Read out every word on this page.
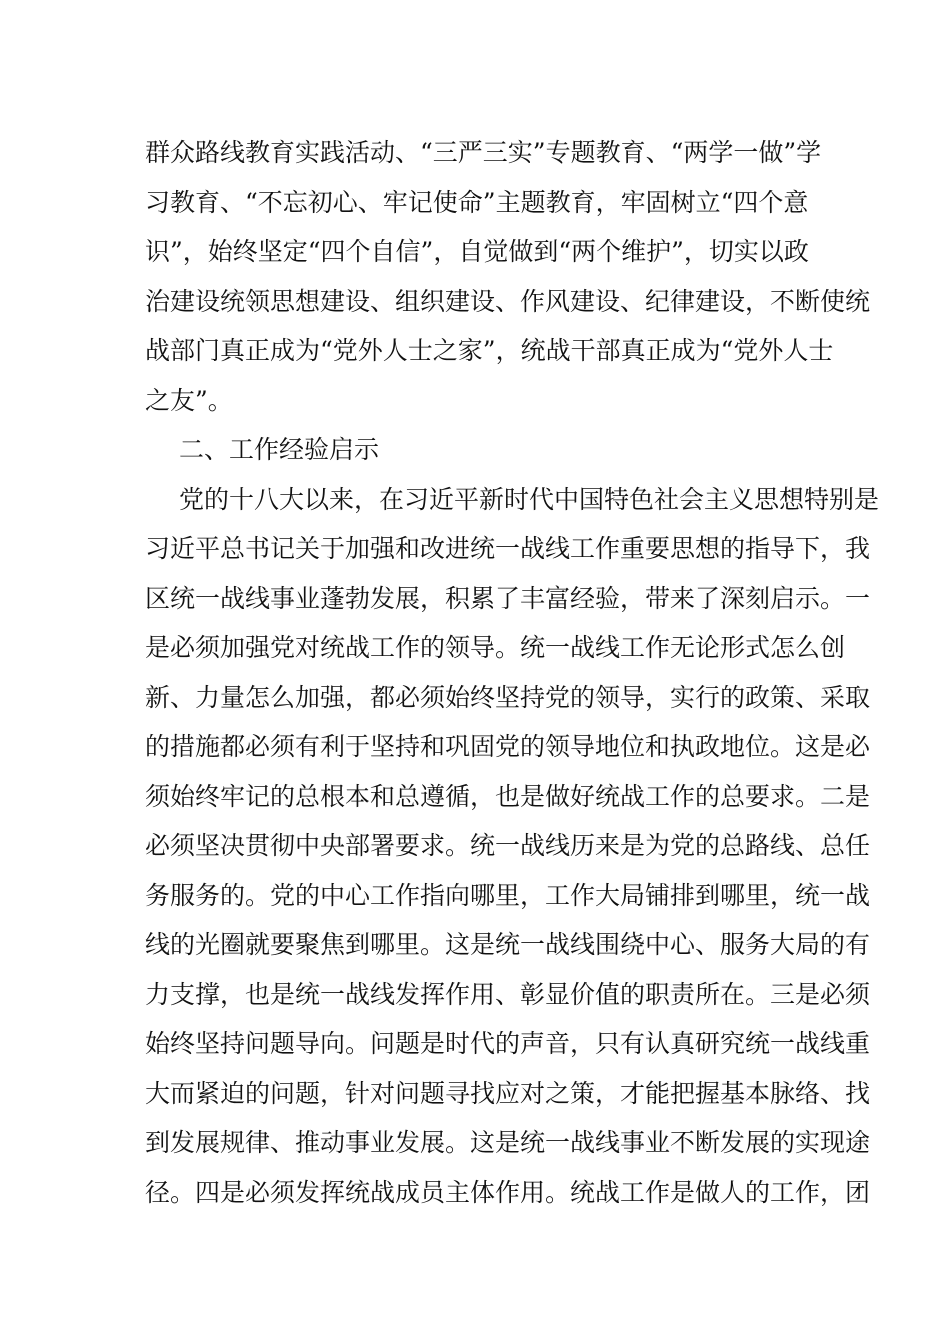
群众路线教育实践活动、“三严三实”专题教育、“两学一做”学
习教育、“不忘初心、牢记使命”主题教育，牢固树立“四个意
识”，始终坚定“四个自信”，自觉做到“两个维护”，切实以政
治建设统领思想建设、组织建设、作风建设、纪律建设，不断使统
战部门真正成为“党外人士之家”，统战干部真正成为“党外人士
之友”。
二、工作经验启示
党的十八大以来，在习近平新时代中国特色社会主义思想特别是
习近平总书记关于加强和改进统一战线工作重要思想的指导下，我
区统一战线事业蓬勃发展，积累了丰富经验，带来了深刻启示。一
是必须加强党对统战工作的领导。统一战线工作无论形式怎么创
新、力量怎么加强，都必须始终坚持党的领导，实行的政策、采取
的措施都必须有利于坚持和巩固党的领导地位和执政地位。这是必
须始终牢记的总根本和总遵循，也是做好统战工作的总要求。二是
必须坚决贯彻中央部署要求。统一战线历来是为党的总路线、总任
务服务的。党的中心工作指向哪里，工作大局铺排到哪里，统一战
线的光圈就要聚焦到哪里。这是统一战线围绕中心、服务大局的有
力支撑，也是统一战线发挥作用、彰显价值的职责所在。三是必须
始终坚持问题导向。问题是时代的声音，只有认真研究统一战线重
大而紧迫的问题，针对问题寻找应对之策，才能把握基本脉络、找
到发展规律、推动事业发展。这是统一战线事业不断发展的实现途
径。四是必须发挥统战成员主体作用。统战工作是做人的工作，团
